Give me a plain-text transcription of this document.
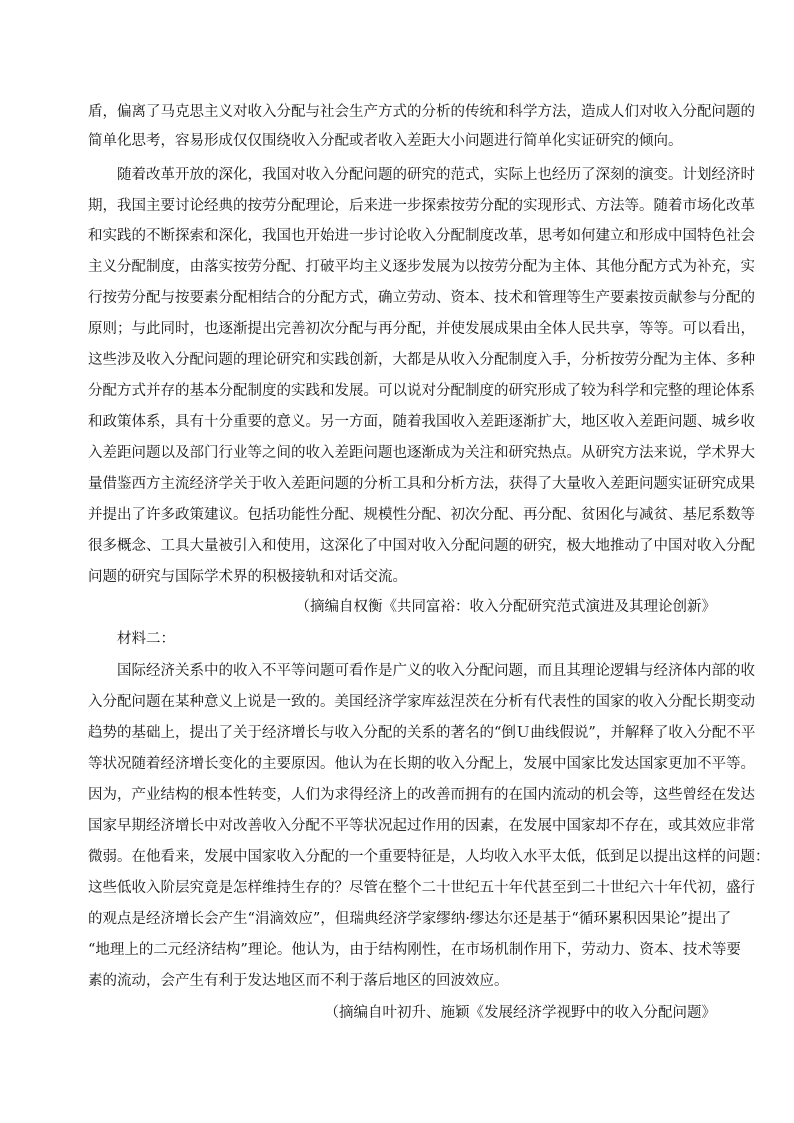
盾，偏离了马克思主义对收入分配与社会生产方式的分析的传统和科学方法，造成人们对收入分配问题的
简单化思考，容易形成仅仅围绕收入分配或者收入差距大小问题进行简单化实证研究的倾向。
　　随着改革开放的深化，我国对收入分配问题的研究的范式，实际上也经历了深刻的演变。计划经济时
期，我国主要讨论经典的按劳分配理论，后来进一步探索按劳分配的实现形式、方法等。随着市场化改革
和实践的不断探索和深化，我国也开始进一步讨论收入分配制度改革，思考如何建立和形成中国特色社会
主义分配制度，由落实按劳分配、打破平均主义逐步发展为以按劳分配为主体、其他分配方式为补充，实
行按劳分配与按要素分配相结合的分配方式，确立劳动、资本、技术和管理等生产要素按贡献参与分配的
原则；与此同时，也逐渐提出完善初次分配与再分配，并使发展成果由全体人民共享，等等。可以看出，
这些涉及收入分配问题的理论研究和实践创新，大都是从收入分配制度入手，分析按劳分配为主体、多种
分配方式并存的基本分配制度的实践和发展。可以说对分配制度的研究形成了较为科学和完整的理论体系
和政策体系，具有十分重要的意义。另一方面，随着我国收入差距逐渐扩大，地区收入差距问题、城乡收
入差距问题以及部门行业等之间的收入差距问题也逐渐成为关注和研究热点。从研究方法来说，学术界大
量借鉴西方主流经济学关于收入差距问题的分析工具和分析方法，获得了大量收入差距问题实证研究成果
并提出了许多政策建议。包括功能性分配、规模性分配、初次分配、再分配、贫困化与减贫、基尼系数等
很多概念、工具大量被引入和使用，这深化了中国对收入分配问题的研究，极大地推动了中国对收入分配
问题的研究与国际学术界的积极接轨和对话交流。
（摘编自权衡《共同富裕：收入分配研究范式演进及其理论创新》
　　材料二：
　　国际经济关系中的收入不平等问题可看作是广义的收入分配问题，而且其理论逻辑与经济体内部的收
入分配问题在某种意义上说是一致的。美国经济学家库兹涅茨在分析有代表性的国家的收入分配长期变动
趋势的基础上，提出了关于经济增长与收入分配的关系的著名的“倒Ｕ曲线假说”，并解释了收入分配不平
等状况随着经济增长变化的主要原因。他认为在长期的收入分配上，发展中国家比发达国家更加不平等。
因为，产业结构的根本性转变，人们为求得经济上的改善而拥有的在国内流动的机会等，这些曾经在发达
国家早期经济增长中对改善收入分配不平等状况起过作用的因素，在发展中国家却不存在，或其效应非常
微弱。在他看来，发展中国家收入分配的一个重要特征是，人均收入水平太低，低到足以提出这样的问题：
这些低收入阶层究竟是怎样维持生存的？尽管在整个二十世纪五十年代甚至到二十世纪六十年代初，盛行
的观点是经济增长会产生“涓滴效应”，但瑞典经济学家缪纳·缪达尔还是基于“循环累积因果论”提出了
“地理上的二元经济结构”理论。他认为，由于结构刚性，在市场机制作用下，劳动力、资本、技术等要
素的流动，会产生有利于发达地区而不利于落后地区的回波效应。
（摘编自叶初升、施颖《发展经济学视野中的收入分配问题》
